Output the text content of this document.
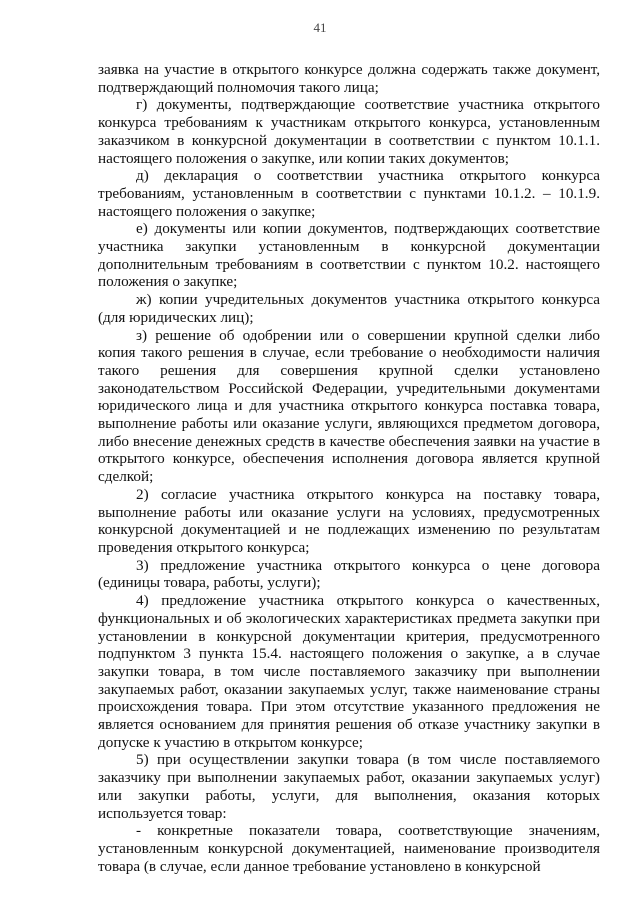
41

заявка на участие в открытого конкурсе должна содержать также документ, подтверждающий полномочия такого лица;

г) документы, подтверждающие соответствие участника открытого конкурса требованиям к участникам открытого конкурса, установленным заказчиком в конкурсной документации в соответствии с пунктом 10.1.1. настоящего положения о закупке, или копии таких документов;

д) декларация о соответствии участника открытого конкурса требованиям, установленным в соответствии с пунктами 10.1.2. – 10.1.9. настоящего положения о закупке;

е) документы или копии документов, подтверждающих соответствие участника закупки установленным в конкурсной документации дополнительным требованиям в соответствии с пунктом 10.2. настоящего положения о закупке;

ж) копии учредительных документов участника открытого конкурса (для юридических лиц);

з) решение об одобрении или о совершении крупной сделки либо копия такого решения в случае, если требование о необходимости наличия такого решения для совершения крупной сделки установлено законодательством Российской Федерации, учредительными документами юридического лица и для участника открытого конкурса поставка товара, выполнение работы или оказание услуги, являющихся предметом договора, либо внесение денежных средств в качестве обеспечения заявки на участие в открытого конкурсе, обеспечения исполнения договора является крупной сделкой;

2) согласие участника открытого конкурса на поставку товара, выполнение работы или оказание услуги на условиях, предусмотренных конкурсной документацией и не подлежащих изменению по результатам проведения открытого конкурса;

3) предложение участника открытого конкурса о цене договора (единицы товара, работы, услуги);

4) предложение участника открытого конкурса о качественных, функциональных и об экологических характеристиках предмета закупки при установлении в конкурсной документации критерия, предусмотренного подпунктом 3 пункта 15.4. настоящего положения о закупке, а в случае закупки товара, в том числе поставляемого заказчику при выполнении закупаемых работ, оказании закупаемых услуг, также наименование страны происхождения товара. При этом отсутствие указанного предложения не является основанием для принятия решения об отказе участнику закупки в допуске к участию в открытом конкурсе;

5) при осуществлении закупки товара (в том числе поставляемого заказчику при выполнении закупаемых работ, оказании закупаемых услуг) или закупки работы, услуги, для выполнения, оказания которых используется товар:

- конкретные показатели товара, соответствующие значениям, установленным конкурсной документацией, наименование производителя товара (в случае, если данное требование установлено в конкурсной
